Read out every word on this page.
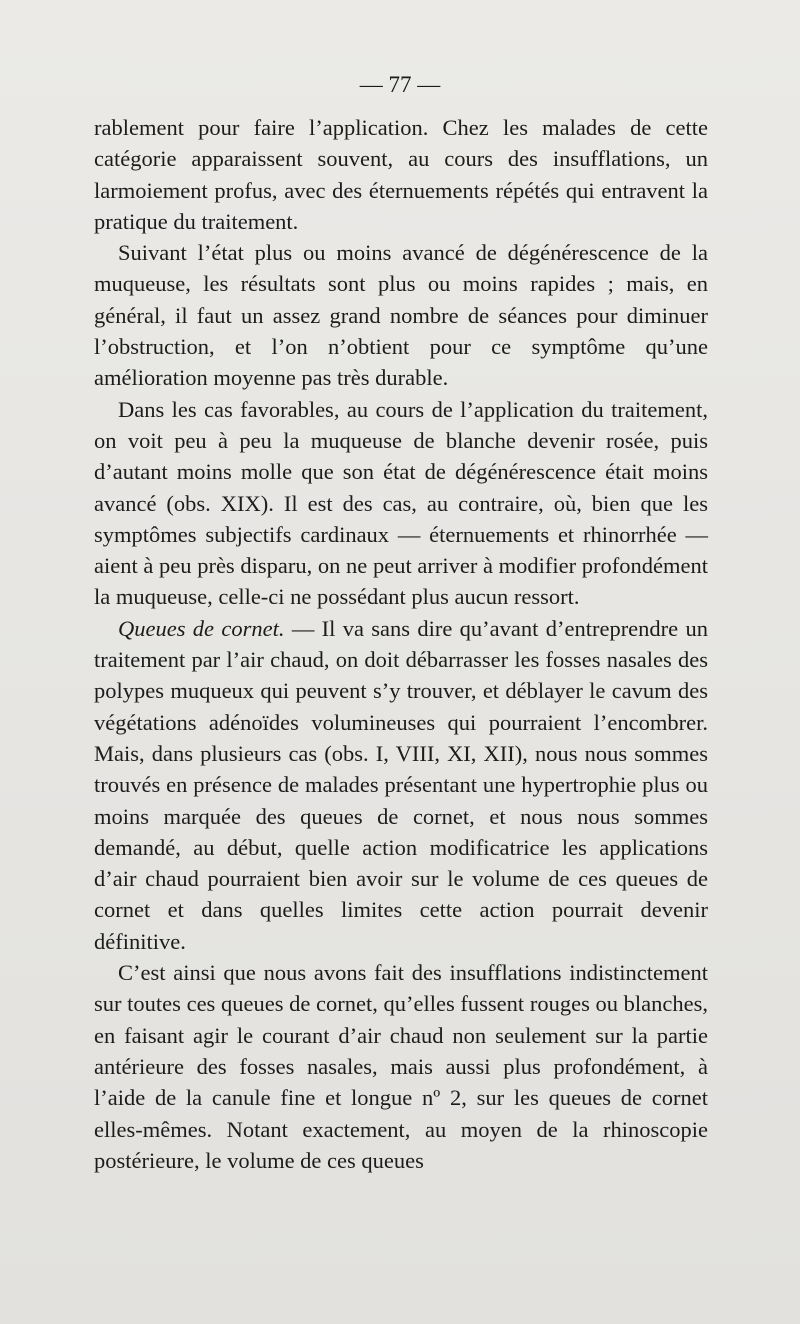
— 77 —

rablement pour faire l’application. Chez les malades de cette catégorie apparaissent souvent, au cours des insufflations, un larmoiement profus, avec des éternuements répétés qui entravent la pratique du traitement.

Suivant l’état plus ou moins avancé de dégénérescence de la muqueuse, les résultats sont plus ou moins rapides ; mais, en général, il faut un assez grand nombre de séances pour diminuer l’obstruction, et l’on n’obtient pour ce symptôme qu’une amélioration moyenne pas très durable.

Dans les cas favorables, au cours de l’application du traitement, on voit peu à peu la muqueuse de blanche devenir rosée, puis d’autant moins molle que son état de dégénérescence était moins avancé (obs. XIX). Il est des cas, au contraire, où, bien que les symptômes subjectifs cardinaux — éternuements et rhinorrhée — aient à peu près disparu, on ne peut arriver à modifier profondément la muqueuse, celle-ci ne possédant plus aucun ressort.

Queues de cornet. — Il va sans dire qu’avant d’entreprendre un traitement par l’air chaud, on doit débarrasser les fosses nasales des polypes muqueux qui peuvent s’y trouver, et déblayer le cavum des végétations adénoïdes volumineuses qui pourraient l’encombrer. Mais, dans plusieurs cas (obs. I, VIII, XI, XII), nous nous sommes trouvés en présence de malades présentant une hypertrophie plus ou moins marquée des queues de cornet, et nous nous sommes demandé, au début, quelle action modificatrice les applications d’air chaud pourraient bien avoir sur le volume de ces queues de cornet et dans quelles limites cette action pourrait devenir définitive.

C’est ainsi que nous avons fait des insufflations indistinctement sur toutes ces queues de cornet, qu’elles fussent rouges ou blanches, en faisant agir le courant d’air chaud non seulement sur la partie antérieure des fosses nasales, mais aussi plus profondément, à l’aide de la canule fine et longue nº 2, sur les queues de cornet elles-mêmes. Notant exactement, au moyen de la rhinoscopie postérieure, le volume de ces queues
